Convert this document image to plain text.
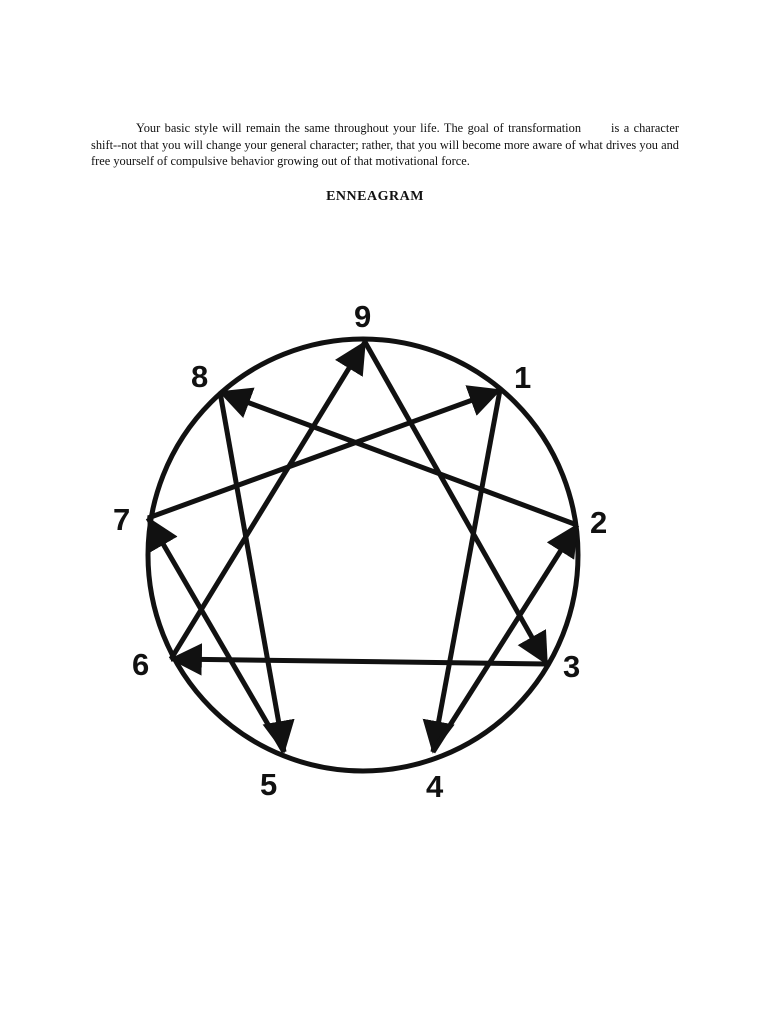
Your basic style will remain the same throughout your life. The goal of transformation is a character shift--not that you will change your general character; rather, that you will become more aware of what drives you and free yourself of compulsive behavior growing out of that motivational force.

ENNEAGRAM
9
1
8
7	2
6	3
5	4
